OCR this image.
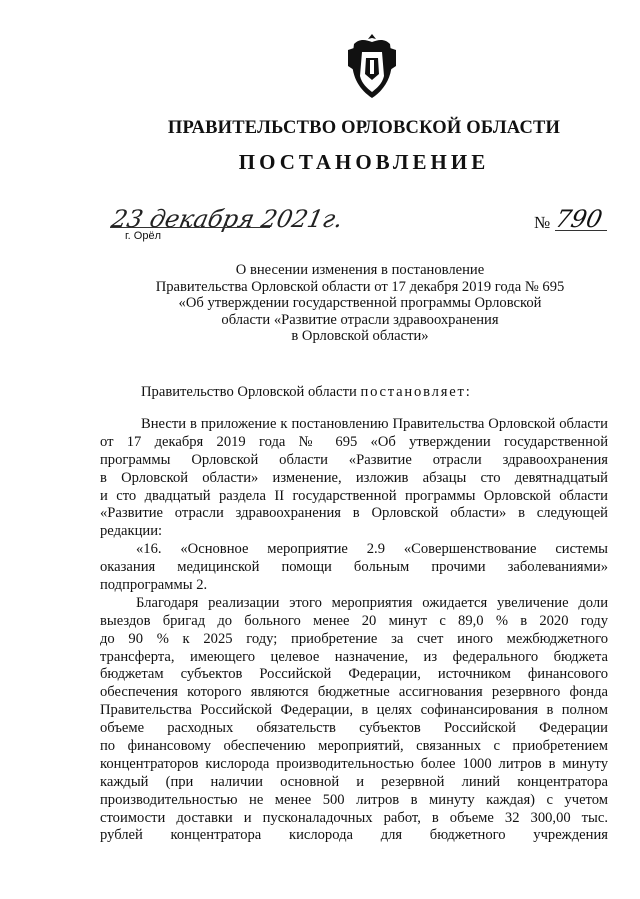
ПРАВИТЕЛЬСТВО ОРЛОВСКОЙ ОБЛАСТИ
ПОСТАНОВЛЕНИЕ
23 декабря 2021г.
г. Орёл
№ 790
О внесении изменения в постановление
Правительства Орловской области от 17 декабря 2019 года № 695
«Об утверждении государственной программы Орловской
области «Развитие отрасли здравоохранения
в Орловской области»
Правительство Орловской области постановляет:
Внести в приложение к постановлению Правительства Орловской области
от 17 декабря 2019 года № 695 «Об утверждении государственной
программы Орловской области «Развитие отрасли здравоохранения
в Орловской области» изменение, изложив абзацы сто девятнадцатый
и сто двадцатый раздела II государственной программы Орловской области
«Развитие отрасли здравоохранения в Орловской области» в следующей
редакции:
«16. «Основное мероприятие 2.9 «Совершенствование системы
оказания медицинской помощи больным прочими заболеваниями»
подпрограммы 2.
Благодаря реализации этого мероприятия ожидается увеличение доли
выездов бригад до больного менее 20 минут с 89,0 % в 2020 году
до 90 % к 2025 году; приобретение за счет иного межбюджетного
трансферта, имеющего целевое назначение, из федерального бюджета
бюджетам субъектов Российской Федерации, источником финансового
обеспечения которого являются бюджетные ассигнования резервного фонда
Правительства Российской Федерации, в целях софинансирования в полном
объеме расходных обязательств субъектов Российской Федерации
по финансовому обеспечению мероприятий, связанных с приобретением
концентраторов кислорода производительностью более 1000 литров в минуту
каждый (при наличии основной и резервной линий концентратора
производительностью не менее 500 литров в минуту каждая) с учетом
стоимости доставки и пусконаладочных работ, в объеме 32 300,00 тыс.
рублей концентратора кислорода для бюджетного учреждения
